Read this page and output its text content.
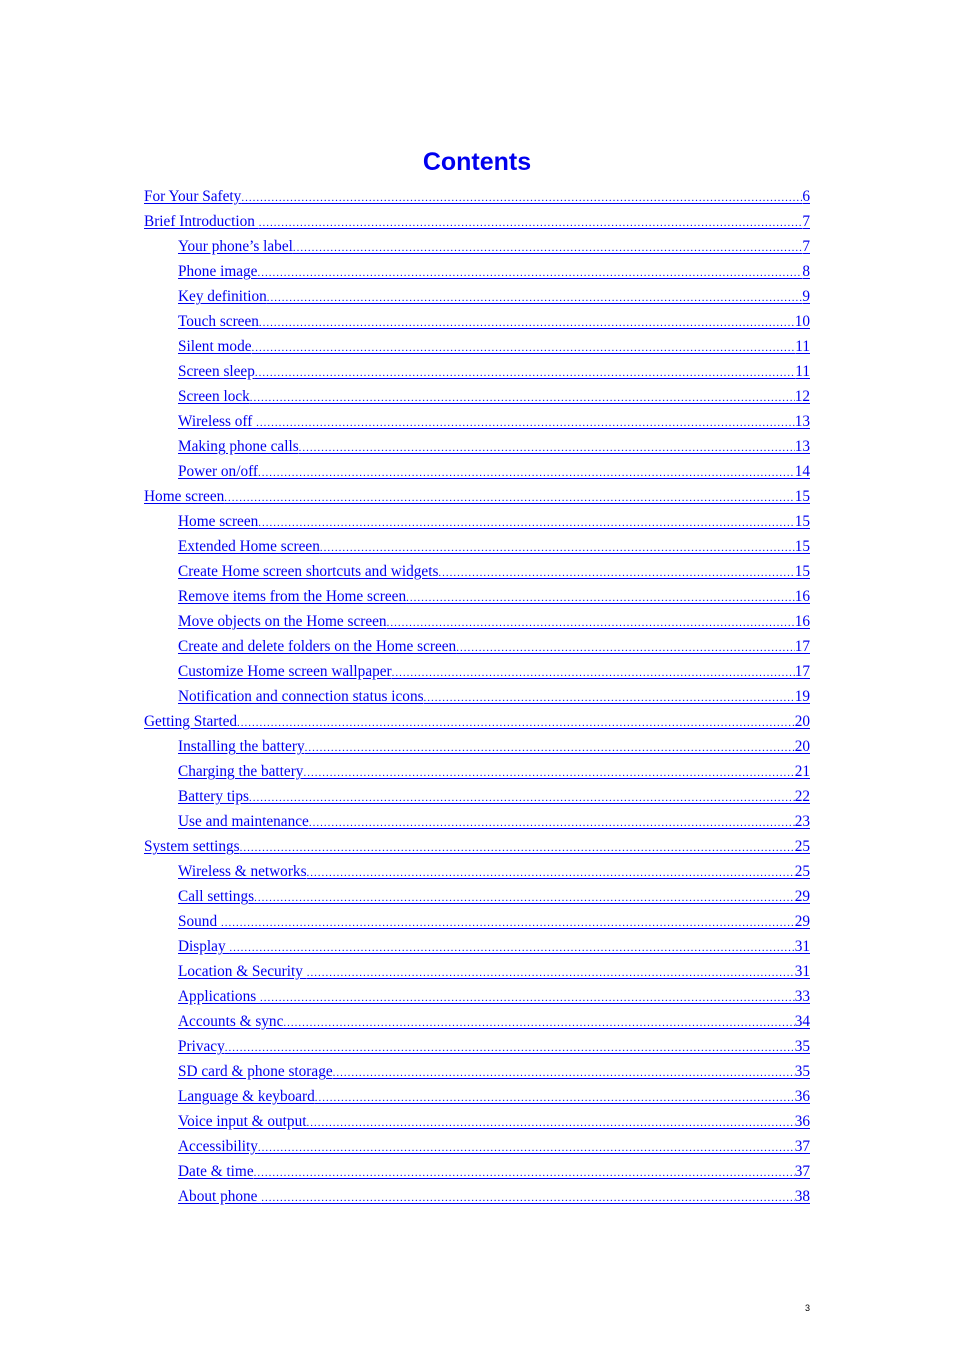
Contents
For Your Safety .....	6
Brief Introduction .....	7
Your phone’s label .....	7
Phone image .....	8
Key definition .....	9
Touch screen .....	10
Silent mode .....	11
Screen sleep .....	11
Screen lock .....	12
Wireless off .....	13
Making phone calls .....	13
Power on/off .....	14
Home screen .....	15
Home screen .....	15
Extended Home screen .....	15
Create Home screen shortcuts and widgets .....	15
Remove items from the Home screen .....	16
Move objects on the Home screen .....	16
Create and delete folders on the Home screen .....	17
Customize Home screen wallpaper .....	17
Notification and connection status icons .....	19
Getting Started .....	20
Installing the battery .....	20
Charging the battery .....	21
Battery tips .....	22
Use and maintenance .....	23
System settings .....	25
Wireless & networks .....	25
Call settings .....	29
Sound .....	29
Display .....	31
Location & Security .....	31
Applications .....	33
Accounts & sync .....	34
Privacy .....	35
SD card & phone storage .....	35
Language & keyboard .....	36
Voice input & output .....	36
Accessibility .....	37
Date & time .....	37
About phone .....	38
3
